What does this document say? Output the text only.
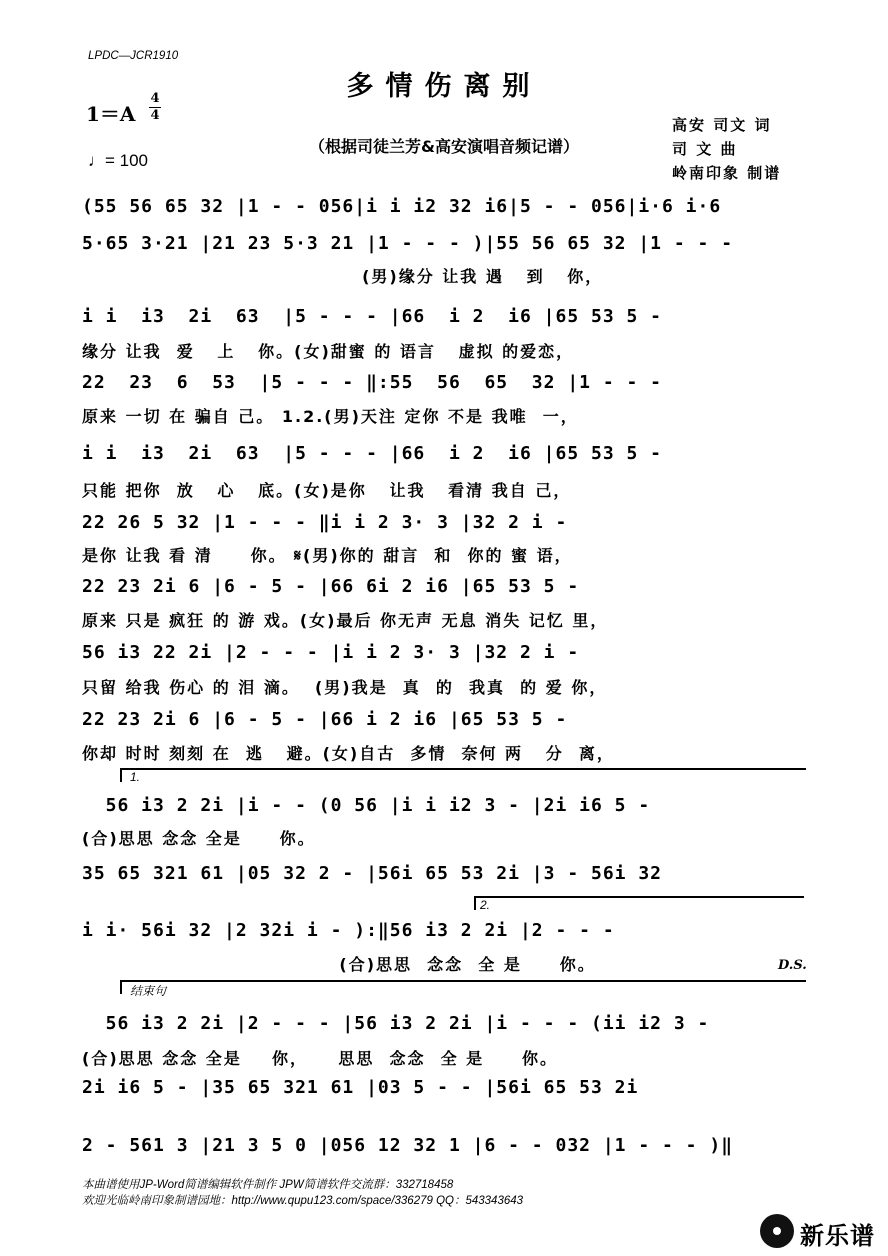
LPDC—JCR1910
多情伤离别
1＝A
4
4
♩= 100
（根据司徒兰芳&高安演唱音频记谱）
高安 司文 词
司 文 曲
岭南印象 制谱
(55 56 65 32 |1 - - 056|i i i2 32 i6|5 - - 056|i·6 i·6
5·65 3·21 |21 23 5·3 21 |1 - - - )|55 56 65 32 |1 - - -
(男)缘分 让我 遇   到   你，
i i  i3  2i  63  |5 - - - |66  i 2  i6 |65 53 5 -
缘分 让我  爱   上   你。(女)甜蜜 的 语言   虚拟 的爱恋，
22  23  6  53  |5 - - - ‖:55  56  65  32 |1 - - -
原来 一切 在 骗自 己。 1.2.(男)天注 定你 不是 我唯  一，
i i  i3  2i  63  |5 - - - |66  i 2  i6 |65 53 5 -
只能 把你  放   心   底。(女)是你   让我   看清 我自 己，
22 26 5 32 |1 - - - ‖i i 2 3· 3 |32 2 i -
是你 让我 看 清     你。 𝄋(男)你的 甜言  和  你的 蜜 语，
22 23 2i 6 |6 - 5 - |66 6i 2 i6 |65 53 5 -
原来 只是 疯狂 的 游 戏。(女)最后 你无声 无息 消失 记忆 里，
56 i3 22 2i |2 - - - |i i 2 3· 3 |32 2 i -
只留 给我 伤心 的 泪 滴。  (男)我是  真  的  我真  的 爱 你，
22 23 2i 6 |6 - 5 - |66 i 2 i6 |65 53 5 -
你却 时时 刻刻 在  逃   避。(女)自古  多情  奈何 两   分  离，
1.
56 i3 2 2i |i - - (0 56 |i i i2 3 - |2i i6 5 -
(合)思思 念念 全是     你。
35 65 321 61 |05 32 2 - |56i 65 53 2i |3 - 56i 32
2.
i i· 56i 32 |2 32i i - ):‖56 i3 2 2i |2 - - -
(合)思思  念念  全 是     你。	D.S.
结束句
56 i3 2 2i |2 - - - |56 i3 2 2i |i - - - (ii i2 3 -
(合)思思 念念 全是    你，    思思  念念  全 是     你。
2i i6 5 - |35 65 321 61 |03 5 - - |56i 65 53 2i
2 - 561 3 |21 3 5 0 |056 12 32 1 |6 - - 032 |1 - - - )‖
本曲谱使用JP-Word简谱编辑软件制作 JPW简谱软件交流群：332718458
欢迎光临岭南印象制谱园地：http://www.qupu123.com/space/336279 QQ：543343643
新乐谱
